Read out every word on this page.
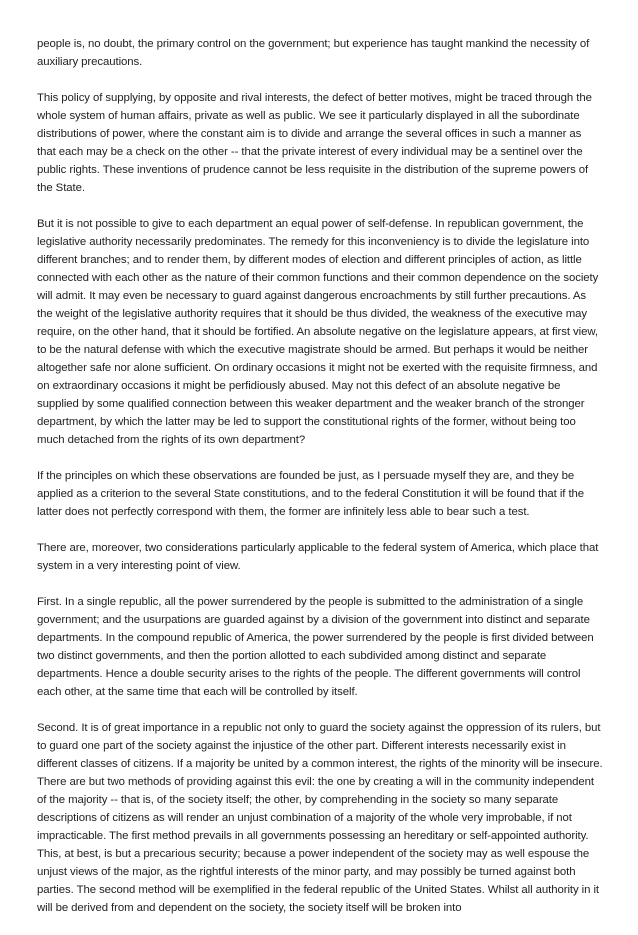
people is, no doubt, the primary control on the government; but experience has taught mankind the necessity of auxiliary precautions.

This policy of supplying, by opposite and rival interests, the defect of better motives, might be traced through the whole system of human affairs, private as well as public. We see it particularly displayed in all the subordinate distributions of power, where the constant aim is to divide and arrange the several offices in such a manner as that each may be a check on the other -- that the private interest of every individual may be a sentinel over the public rights. These inventions of prudence cannot be less requisite in the distribution of the supreme powers of the State.

But it is not possible to give to each department an equal power of self-defense. In republican government, the legislative authority necessarily predominates. The remedy for this inconveniency is to divide the legislature into different branches; and to render them, by different modes of election and different principles of action, as little connected with each other as the nature of their common functions and their common dependence on the society will admit. It may even be necessary to guard against dangerous encroachments by still further precautions. As the weight of the legislative authority requires that it should be thus divided, the weakness of the executive may require, on the other hand, that it should be fortified. An absolute negative on the legislature appears, at first view, to be the natural defense with which the executive magistrate should be armed. But perhaps it would be neither altogether safe nor alone sufficient. On ordinary occasions it might not be exerted with the requisite firmness, and on extraordinary occasions it might be perfidiously abused. May not this defect of an absolute negative be supplied by some qualified connection between this weaker department and the weaker branch of the stronger department, by which the latter may be led to support the constitutional rights of the former, without being too much detached from the rights of its own department?

If the principles on which these observations are founded be just, as I persuade myself they are, and they be applied as a criterion to the several State constitutions, and to the federal Constitution it will be found that if the latter does not perfectly correspond with them, the former are infinitely less able to bear such a test.

There are, moreover, two considerations particularly applicable to the federal system of America, which place that system in a very interesting point of view.

First. In a single republic, all the power surrendered by the people is submitted to the administration of a single government; and the usurpations are guarded against by a division of the government into distinct and separate departments. In the compound republic of America, the power surrendered by the people is first divided between two distinct governments, and then the portion allotted to each subdivided among distinct and separate departments. Hence a double security arises to the rights of the people. The different governments will control each other, at the same time that each will be controlled by itself.

Second. It is of great importance in a republic not only to guard the society against the oppression of its rulers, but to guard one part of the society against the injustice of the other part. Different interests necessarily exist in different classes of citizens. If a majority be united by a common interest, the rights of the minority will be insecure. There are but two methods of providing against this evil: the one by creating a will in the community independent of the majority -- that is, of the society itself; the other, by comprehending in the society so many separate descriptions of citizens as will render an unjust combination of a majority of the whole very improbable, if not impracticable. The first method prevails in all governments possessing an hereditary or self-appointed authority. This, at best, is but a precarious security; because a power independent of the society may as well espouse the unjust views of the major, as the rightful interests of the minor party, and may possibly be turned against both parties. The second method will be exemplified in the federal republic of the United States. Whilst all authority in it will be derived from and dependent on the society, the society itself will be broken into
